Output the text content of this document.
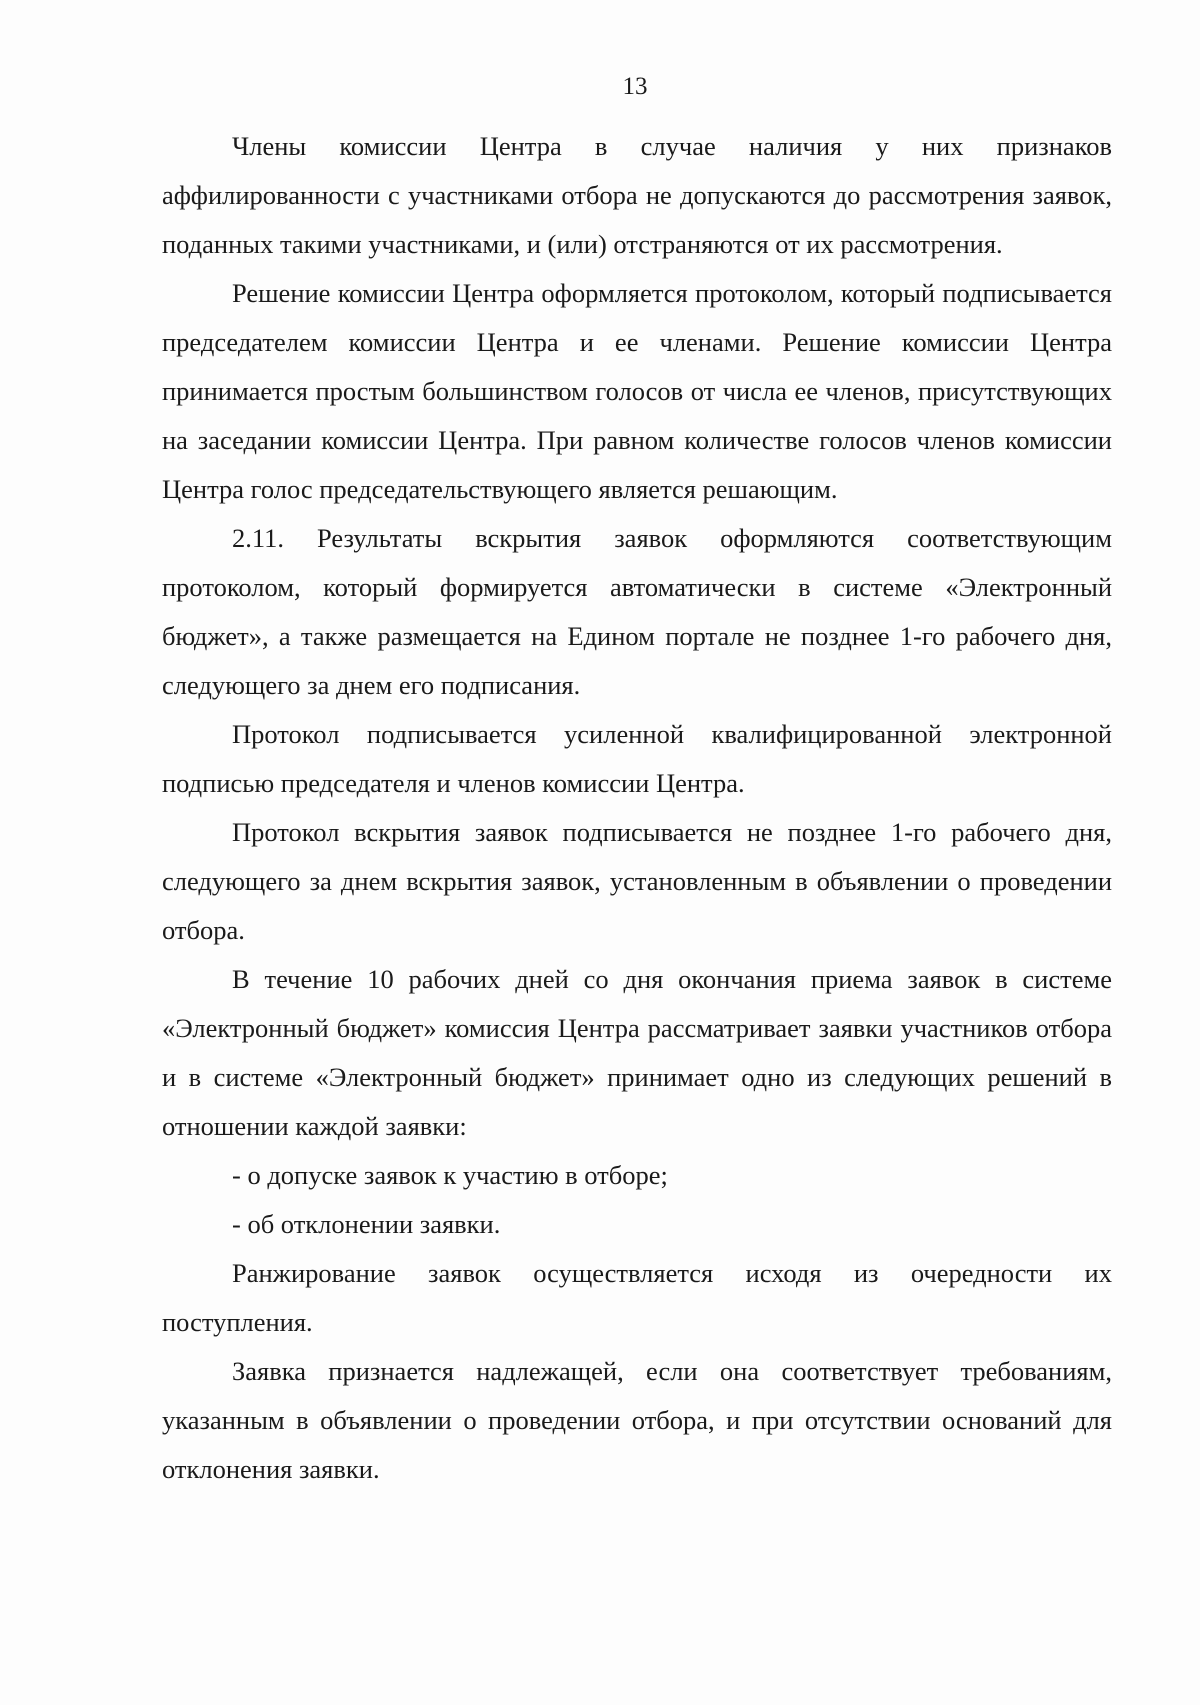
13

Члены комиссии Центра в случае наличия у них признаков аффилированности с участниками отбора не допускаются до рассмотрения заявок, поданных такими участниками, и (или) отстраняются от их рассмотрения.

Решение комиссии Центра оформляется протоколом, который подписывается председателем комиссии Центра и ее членами. Решение комиссии Центра принимается простым большинством голосов от числа ее членов, присутствующих на заседании комиссии Центра. При равном количестве голосов членов комиссии Центра голос председательствующего является решающим.

2.11. Результаты вскрытия заявок оформляются соответствующим протоколом, который формируется автоматически в системе «Электронный бюджет», а также размещается на Едином портале не позднее 1-го рабочего дня, следующего за днем его подписания.

Протокол подписывается усиленной квалифицированной электронной подписью председателя и членов комиссии Центра.

Протокол вскрытия заявок подписывается не позднее 1-го рабочего дня, следующего за днем вскрытия заявок, установленным в объявлении о проведении отбора.

В течение 10 рабочих дней со дня окончания приема заявок в системе «Электронный бюджет» комиссия Центра рассматривает заявки участников отбора и в системе «Электронный бюджет» принимает одно из следующих решений в отношении каждой заявки:

- о допуске заявок к участию в отборе;

- об отклонении заявки.

Ранжирование заявок осуществляется исходя из очередности их поступления.

Заявка признается надлежащей, если она соответствует требованиям, указанным в объявлении о проведении отбора, и при отсутствии оснований для отклонения заявки.
